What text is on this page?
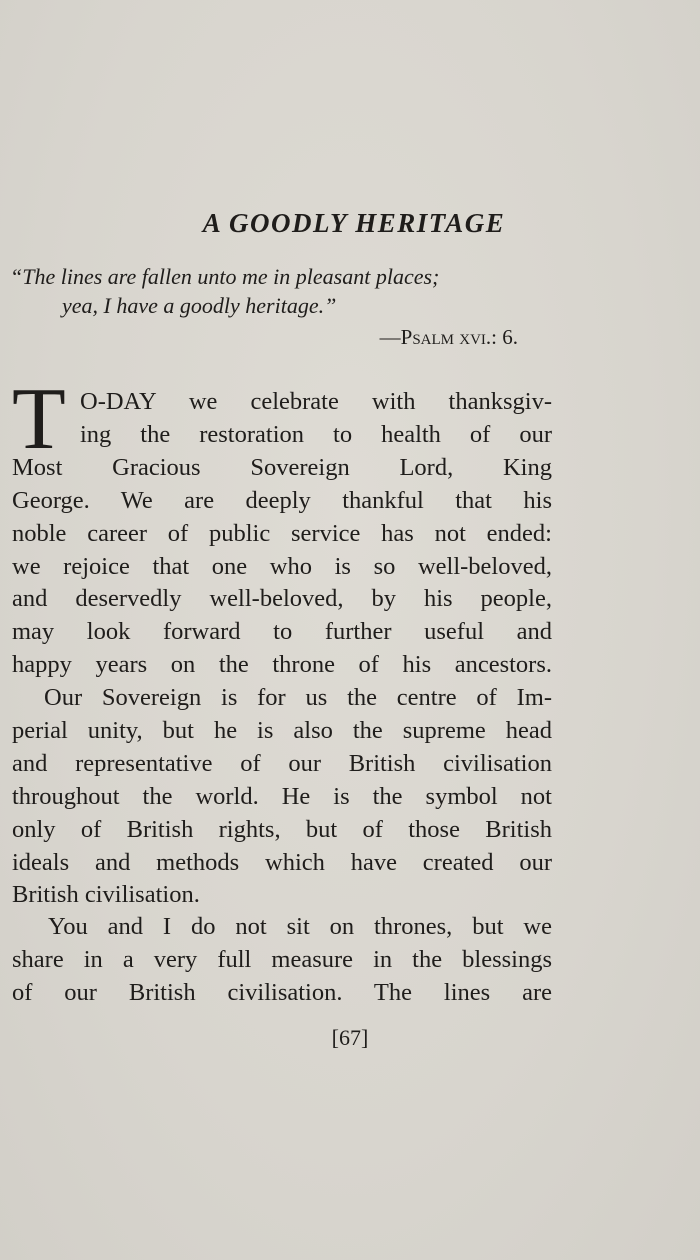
A GOODLY HERITAGE

“The lines are fallen unto me in pleasant places;

yea, I have a goodly heritage.”

—Psalm xvi.: 6.

T O-DAY we celebrate with thanksgiv-
ing the restoration to health of our
Most Gracious Sovereign Lord, King
George. We are deeply thankful that his
noble career of public service has not ended:
we rejoice that one who is so well-beloved,
and deservedly well-beloved, by his people,
may look forward to further useful and
happy years on the throne of his ancestors.
Our Sovereign is for us the centre of Im-
perial unity, but he is also the supreme head
and representative of our British civilisation
throughout the world. He is the symbol not
only of British rights, but of those British
ideals and methods which have created our
British civilisation.
You and I do not sit on thrones, but we
share in a very full measure in the blessings
of our British civilisation. The lines are

[67]
